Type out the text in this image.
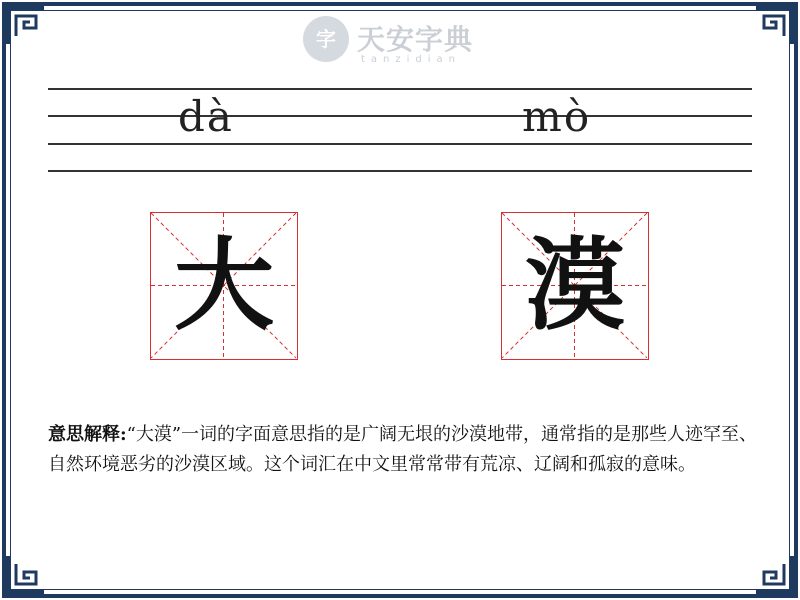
字 天安字典
tanzidian
dà	mò
大	漠
意思解释:“大漠”一词的字面意思指的是广阔无垠的沙漠地带，通常指的是那些人迹罕至、自然环境恶劣的沙漠区域。这个词汇在中文里常常带有荒凉、辽阔和孤寂的意味。
